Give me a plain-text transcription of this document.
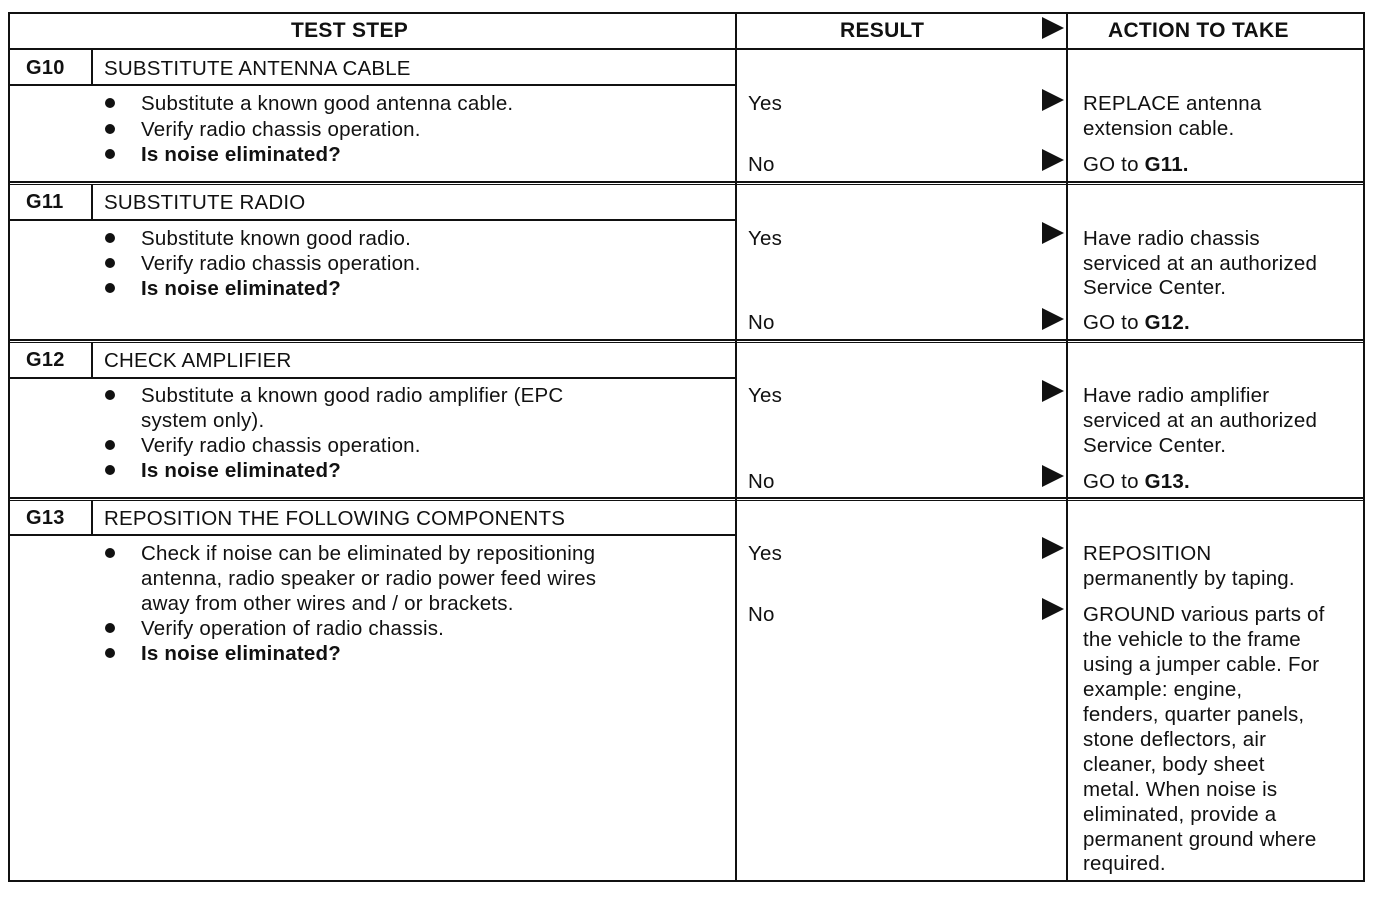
TEST STEP	RESULT	ACTION TO TAKE
G10 SUBSTITUTE ANTENNA CABLE
Substitute a known good antenna cable.
Verify radio chassis operation.
Is noise eliminated?
Yes	REPLACE antenna
extension cable.
No	GO to G11.
G11 SUBSTITUTE RADIO
Substitute known good radio.
Verify radio chassis operation.
Is noise eliminated?
Yes	Have radio chassis
serviced at an authorized
Service Center.
No	GO to G12.
G12 CHECK AMPLIFIER
Substitute a known good radio amplifier (EPC
system only).
Verify radio chassis operation.
Is noise eliminated?
Yes	Have radio amplifier
serviced at an authorized
Service Center.
No	GO to G13.
G13 REPOSITION THE FOLLOWING COMPONENTS
Check if noise can be eliminated by repositioning
antenna, radio speaker or radio power feed wires
away from other wires and / or brackets.
Verify operation of radio chassis.
Is noise eliminated?
Yes	REPOSITION
permanently by taping.
No	GROUND various parts of
the vehicle to the frame
using a jumper cable. For
example: engine,
fenders, quarter panels,
stone deflectors, air
cleaner, body sheet
metal. When noise is
eliminated, provide a
permanent ground where
required.
